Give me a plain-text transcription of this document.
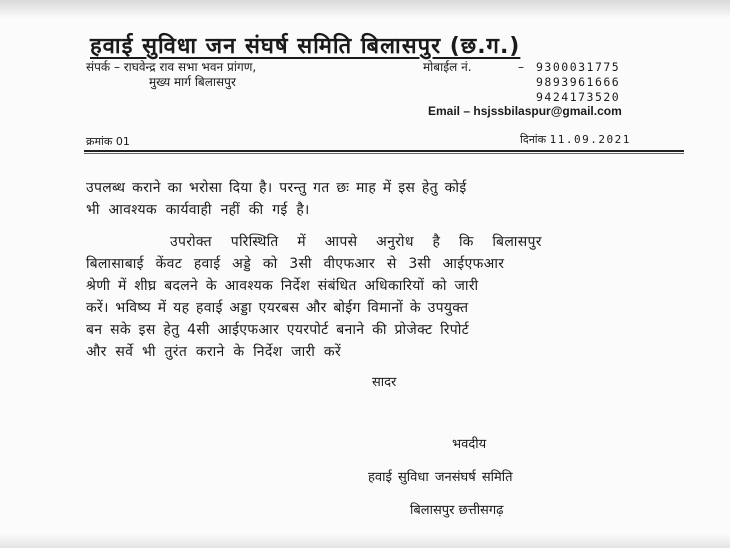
हवाई सुविधा जन संघर्ष समिति बिलासपुर (छ.ग.)
संपर्क – राघवेन्द्र राव सभा भवन प्रांगण,
मुख्य मार्ग बिलासपुर
मोबाईल नं.	–	9300031775
9893961666
9424173520
Email – hsjssbilaspur@gmail.com
क्रमांक 01	दिनांक 11.09.2021
उपलब्ध कराने का भरोसा दिया है। परन्तु गत छः माह में इस हेतु कोई
भी आवश्यक कार्यवाही नहीं की गई है।
उपरोक्त परिस्थिति में आपसे अनुरोध है कि बिलासपुर
बिलासाबाई केंवट हवाई अड्डे को 3सी वीएफआर से 3सी आईएफआर
श्रेणी में शीघ्र बदलने के आवश्यक निर्देश संबंधित अधिकारियों को जारी
करें। भविष्य में यह हवाई अड्डा एयरबस और बोईग विमानों के उपयुक्त
बन सके इस हेतु 4सी आईएफआर एयरपोर्ट बनाने की प्रोजेक्ट रिपोर्ट
और सर्वे भी तुरंत कराने के निर्देश जारी करें
सादर
भवदीय
हवाई सुविधा जनसंघर्ष समिति
बिलासपुर छत्तीसगढ़
